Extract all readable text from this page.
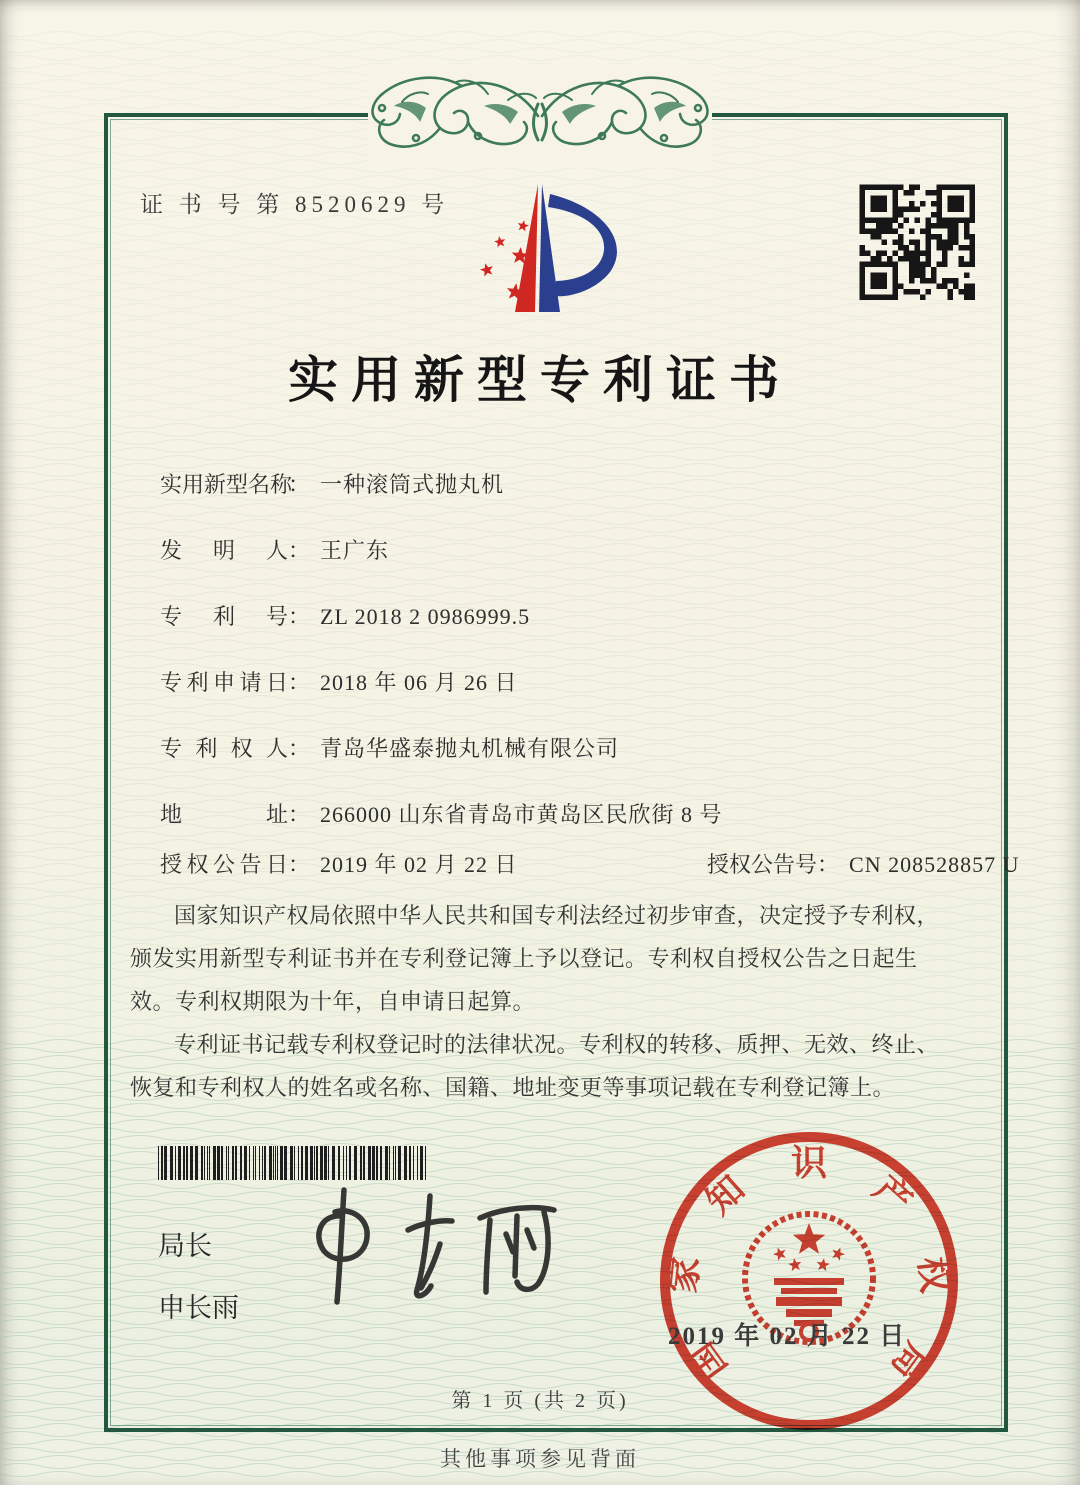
证 书 号 第 8520629 号
实用新型专利证书
实用新型名称： 一种滚筒式抛丸机
发 明 人： 王广东
专 利 号： ZL 2018 2 0986999.5
专利申请日： 2018 年 06 月 26 日
专 利 权 人： 青岛华盛泰抛丸机械有限公司
地 址： 266000 山东省青岛市黄岛区民欣街 8 号
授权公告日： 2019 年 02 月 22 日	授权公告号： CN 208528857 U

国家知识产权局依照中华人民共和国专利法经过初步审查，决定授予专利权，颁发实用新型专利证书并在专利登记簿上予以登记。专利权自授权公告之日起生效。专利权期限为十年，自申请日起算。

专利证书记载专利权登记时的法律状况。专利权的转移、质押、无效、终止、恢复和专利权人的姓名或名称、国籍、地址变更等事项记载在专利登记簿上。

局长
申长雨
国
家
知
识
产
权
局
2019 年 02 月 22 日
第 1 页 (共 2 页)
其他事项参见背面
